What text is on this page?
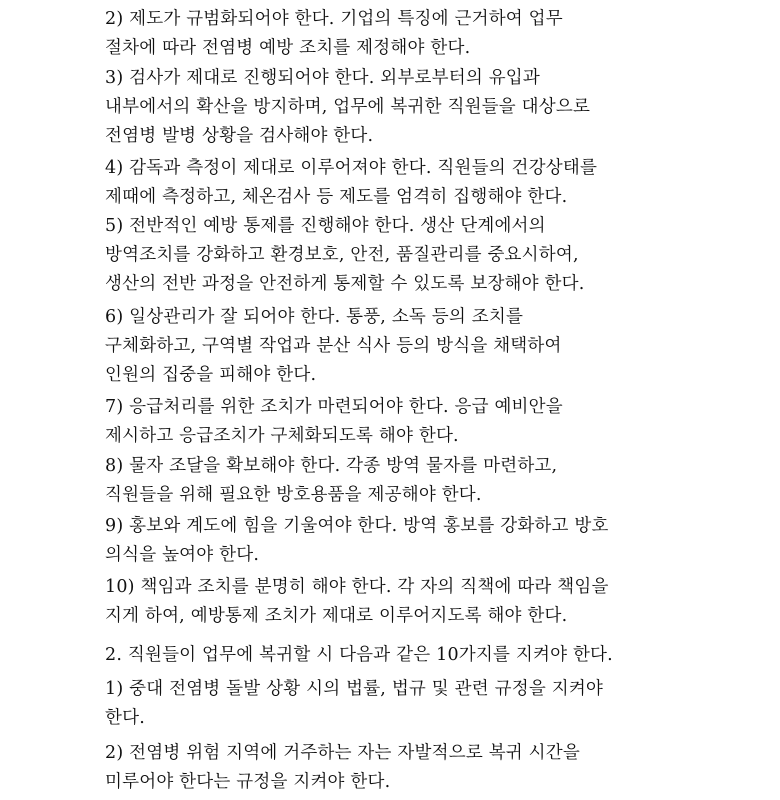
2) 제도가 규범화되어야 한다. 기업의 특징에 근거하여 업무
절차에 따라 전염병 예방 조치를 제정해야 한다.
3) 검사가 제대로 진행되어야 한다. 외부로부터의 유입과
내부에서의 확산을 방지하며, 업무에 복귀한 직원들을 대상으로
전염병 발병 상황을 검사해야 한다.
4) 감독과 측정이 제대로 이루어져야 한다. 직원들의 건강상태를
제때에 측정하고, 체온검사 등 제도를 엄격히 집행해야 한다.
5) 전반적인 예방 통제를 진행해야 한다. 생산 단계에서의
방역조치를 강화하고 환경보호, 안전, 품질관리를 중요시하여,
생산의 전반 과정을 안전하게 통제할 수 있도록 보장해야 한다.
6) 일상관리가 잘 되어야 한다. 통풍, 소독 등의 조치를
구체화하고, 구역별 작업과 분산 식사 등의 방식을 채택하여
인원의 집중을 피해야 한다.
7) 응급처리를 위한 조치가 마련되어야 한다. 응급 예비안을
제시하고 응급조치가 구체화되도록 해야 한다.
8) 물자 조달을 확보해야 한다. 각종 방역 물자를 마련하고,
직원들을 위해 필요한 방호용품을 제공해야 한다.
9) 홍보와 계도에 힘을 기울여야 한다. 방역 홍보를 강화하고 방호
의식을 높여야 한다.
10) 책임과 조치를 분명히 해야 한다. 각 자의 직책에 따라 책임을
지게 하여, 예방통제 조치가 제대로 이루어지도록 해야 한다.
2. 직원들이 업무에 복귀할 시 다음과 같은 10가지를 지켜야 한다.
1) 중대 전염병 돌발 상황 시의 법률, 법규 및 관련 규정을 지켜야
한다.
2) 전염병 위험 지역에 거주하는 자는 자발적으로 복귀 시간을
미루어야 한다는 규정을 지켜야 한다.
